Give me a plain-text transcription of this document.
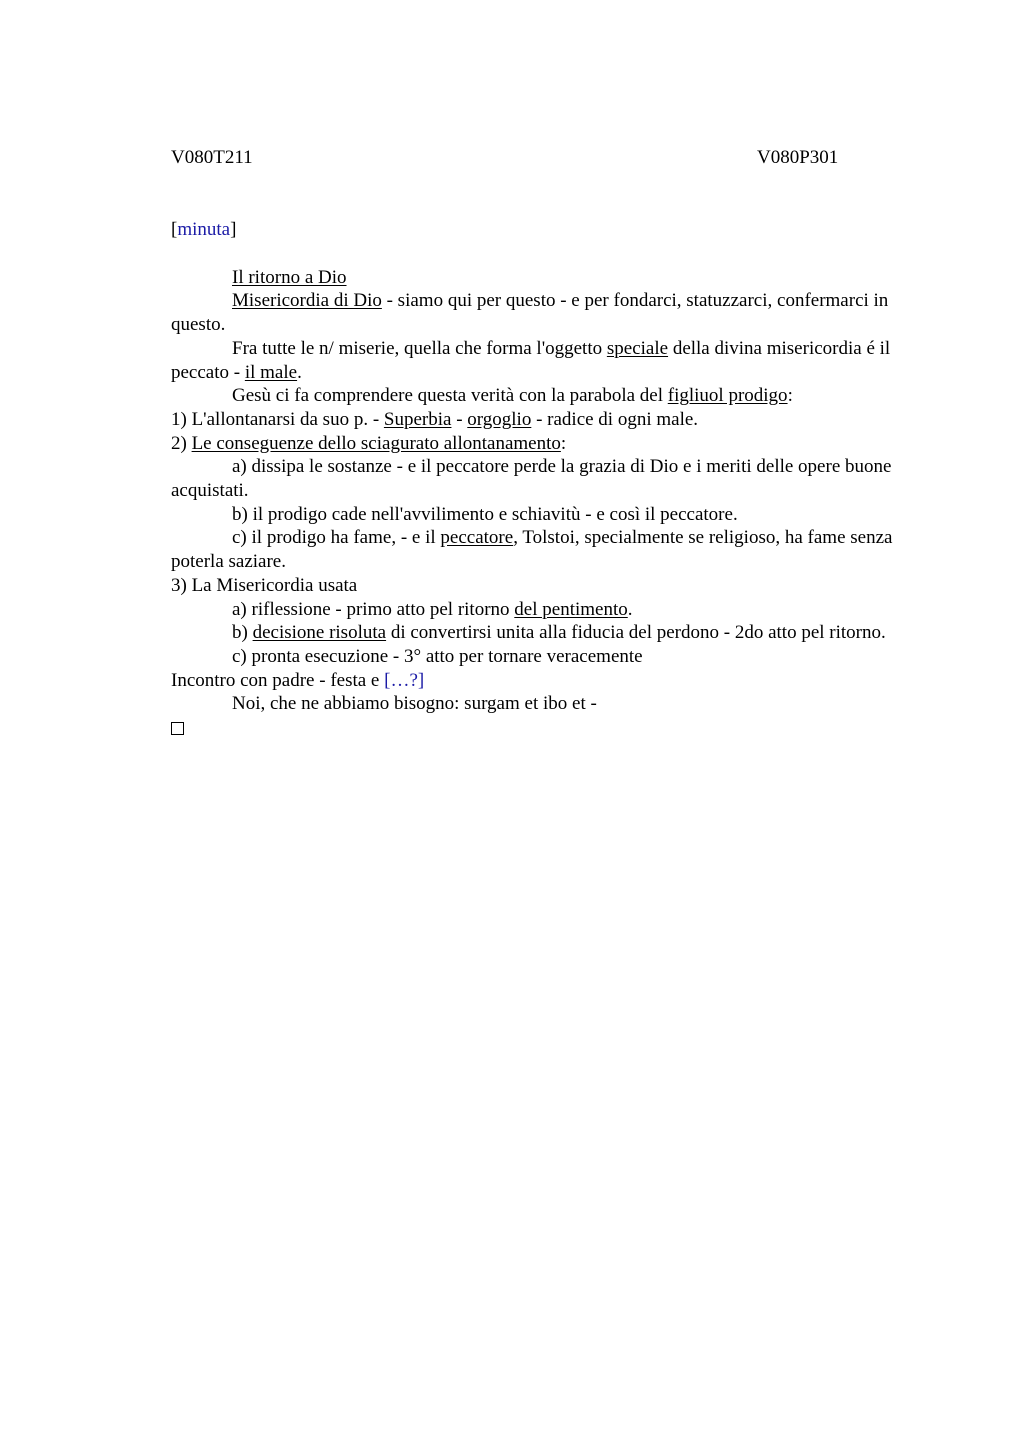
V080T211	V080P301

[minuta]

Il ritorno a Dio

Misericordia di Dio - siamo qui per questo - e per fondarci, statuzzarci, confermarci in questo.

Fra tutte le n/ miserie, quella che forma l'oggetto speciale della divina misericordia é il peccato - il male.

Gesù ci fa comprendere questa verità con la parabola del figliuol prodigo:

1) L'allontanarsi da suo p. - Superbia - orgoglio - radice di ogni male.

2) Le conseguenze dello sciagurato allontanamento:

a) dissipa le sostanze - e il peccatore perde la grazia di Dio e i meriti delle opere buone acquistati.

b) il prodigo cade nell'avvilimento e schiavitù - e così il peccatore.

c) il prodigo ha fame, - e il peccatore, Tolstoi, specialmente se religioso, ha fame senza poterla saziare.

3) La Misericordia usata

a) riflessione - primo atto pel ritorno del pentimento.

b) decisione risoluta di convertirsi unita alla fiducia del perdono - 2do atto pel ritorno.

c) pronta esecuzione - 3° atto per tornare veracemente

Incontro con padre - festa e […?]

Noi, che ne abbiamo bisogno: surgam et ibo et -
